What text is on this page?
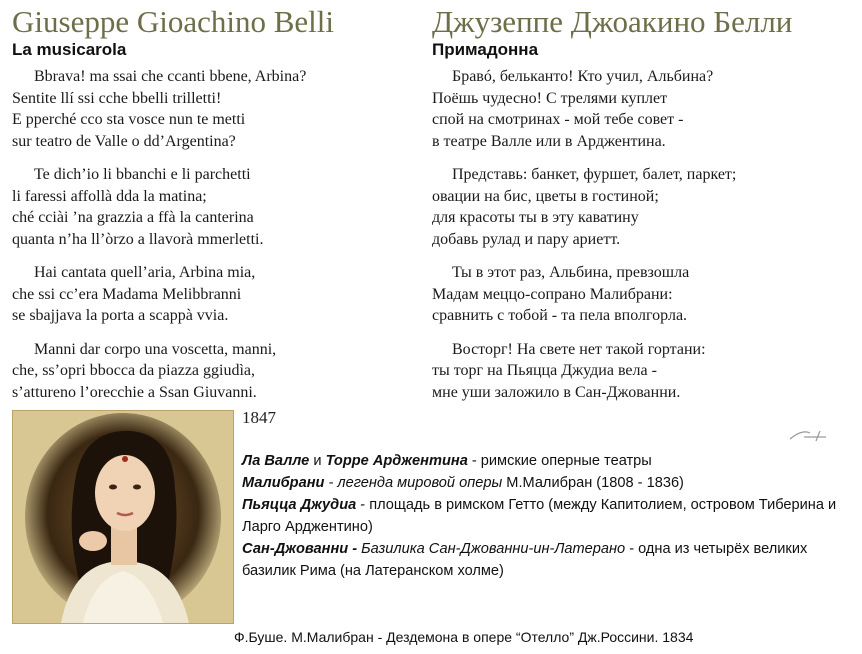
Giuseppe Gioachino Belli
La musicarola
Bbrava! ma ssai che ccanti bbene, Arbina?
Sentite llí ssi cche bbelli trilletti!
E pperché cco sta vosce nun te metti
sur teatro de Valle o dd’Argentina?
Te dich’io li bbanchi e li parchetti
li faressi affollà dda la matina;
ché cciài ’na grazzia a ffà la canterina
quanta n’ha ll’òrzo a llavorà mmerletti.
Hai cantata quell’aria, Arbina mia,
che ssi cc’era Madama Melibbranni
se sbajjava la porta a scappà vvia.
Manni dar corpo una voscetta, manni,
che, ss’opri bbocca da piazza ggiudìa,
s’attureno l’orecchie a Ssan Giuvanni.
Джузеппе Джоакино Белли
Примадонна
Бравó, бельканто! Кто учил, Альбина?
Поёшь чудесно! С трелями куплет
спой на смотринах - мой тебе совет -
в театре Валле или в Арджентина.
Представь: банкет, фуршет, балет, паркет;
овации на бис, цветы в гостиной;
для красоты ты в эту каватину
добавь рулад и пару ариетт.
Ты в этот раз, Альбина, превзошла
Мадам меццо-сопрано Малибрани:
сравнить с тобой - та пела вполгорла.
Восторг! На свете нет такой гортани:
ты торг на Пьяцца Джудиа вела -
мне уши заложило в Сан-Джованни.
1847
Ла Валле и Торре Арджентина - римские оперные театры
Малибрани - легенда мировой оперы М.Малибран (1808 - 1836)
Пьяцца Джудиа - площадь в римском Гетто (между Капитолием, островом Тиберина и Ларго Арджентино)
Сан-Джованни - Базилика Сан-Джованни-ин-Латерано - одна из четырёх великих базилик Рима (на Латеранском холме)
Ф.Буше. М.Малибран - Дездемона в опере “Отелло” Дж.Россини. 1834
